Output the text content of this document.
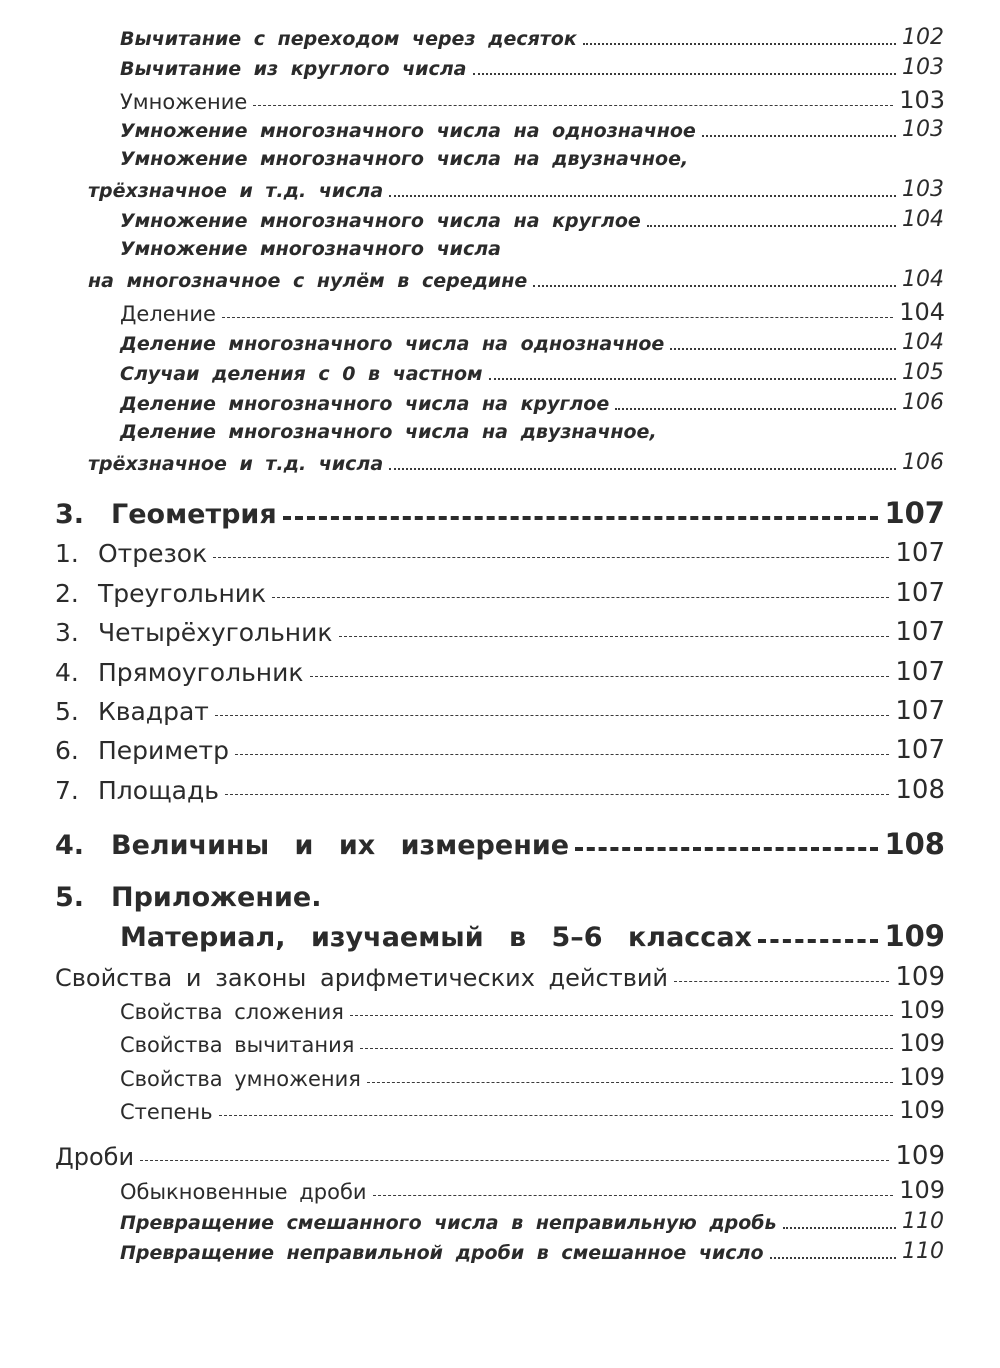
Вычитание с переходом через десяток	102
Вычитание из круглого числа	103
Умножение	103
Умножение многозначного числа на однозначное	103
Умножение многозначного числа на двузначное,
трёхзначное и т.д. числа	103
Умножение многозначного числа на круглое	104
Умножение многозначного числа
на многозначное с нулём в середине	104
Деление	104
Деление многозначного числа на однозначное	104
Случаи деления с 0 в частном	105
Деление многозначного числа на круглое	106
Деление многозначного числа на двузначное,
трёхзначное и т.д. числа	106
3. Геометрия	107
1. Отрезок	107
2. Треугольник	107
3. Четырёхугольник	107
4. Прямоугольник	107
5. Квадрат	107
6. Периметр	107
7. Площадь	108
4. Величины и их измерение	108
5. Приложение.
Материал, изучаемый в 5–6 классах	109
Свойства и законы арифметических действий	109
Свойства сложения	109
Свойства вычитания	109
Свойства умножения	109
Степень	109
Дроби	109
Обыкновенные дроби	109
Превращение смешанного числа в неправильную дробь	110
Превращение неправильной дроби в смешанное число	110
